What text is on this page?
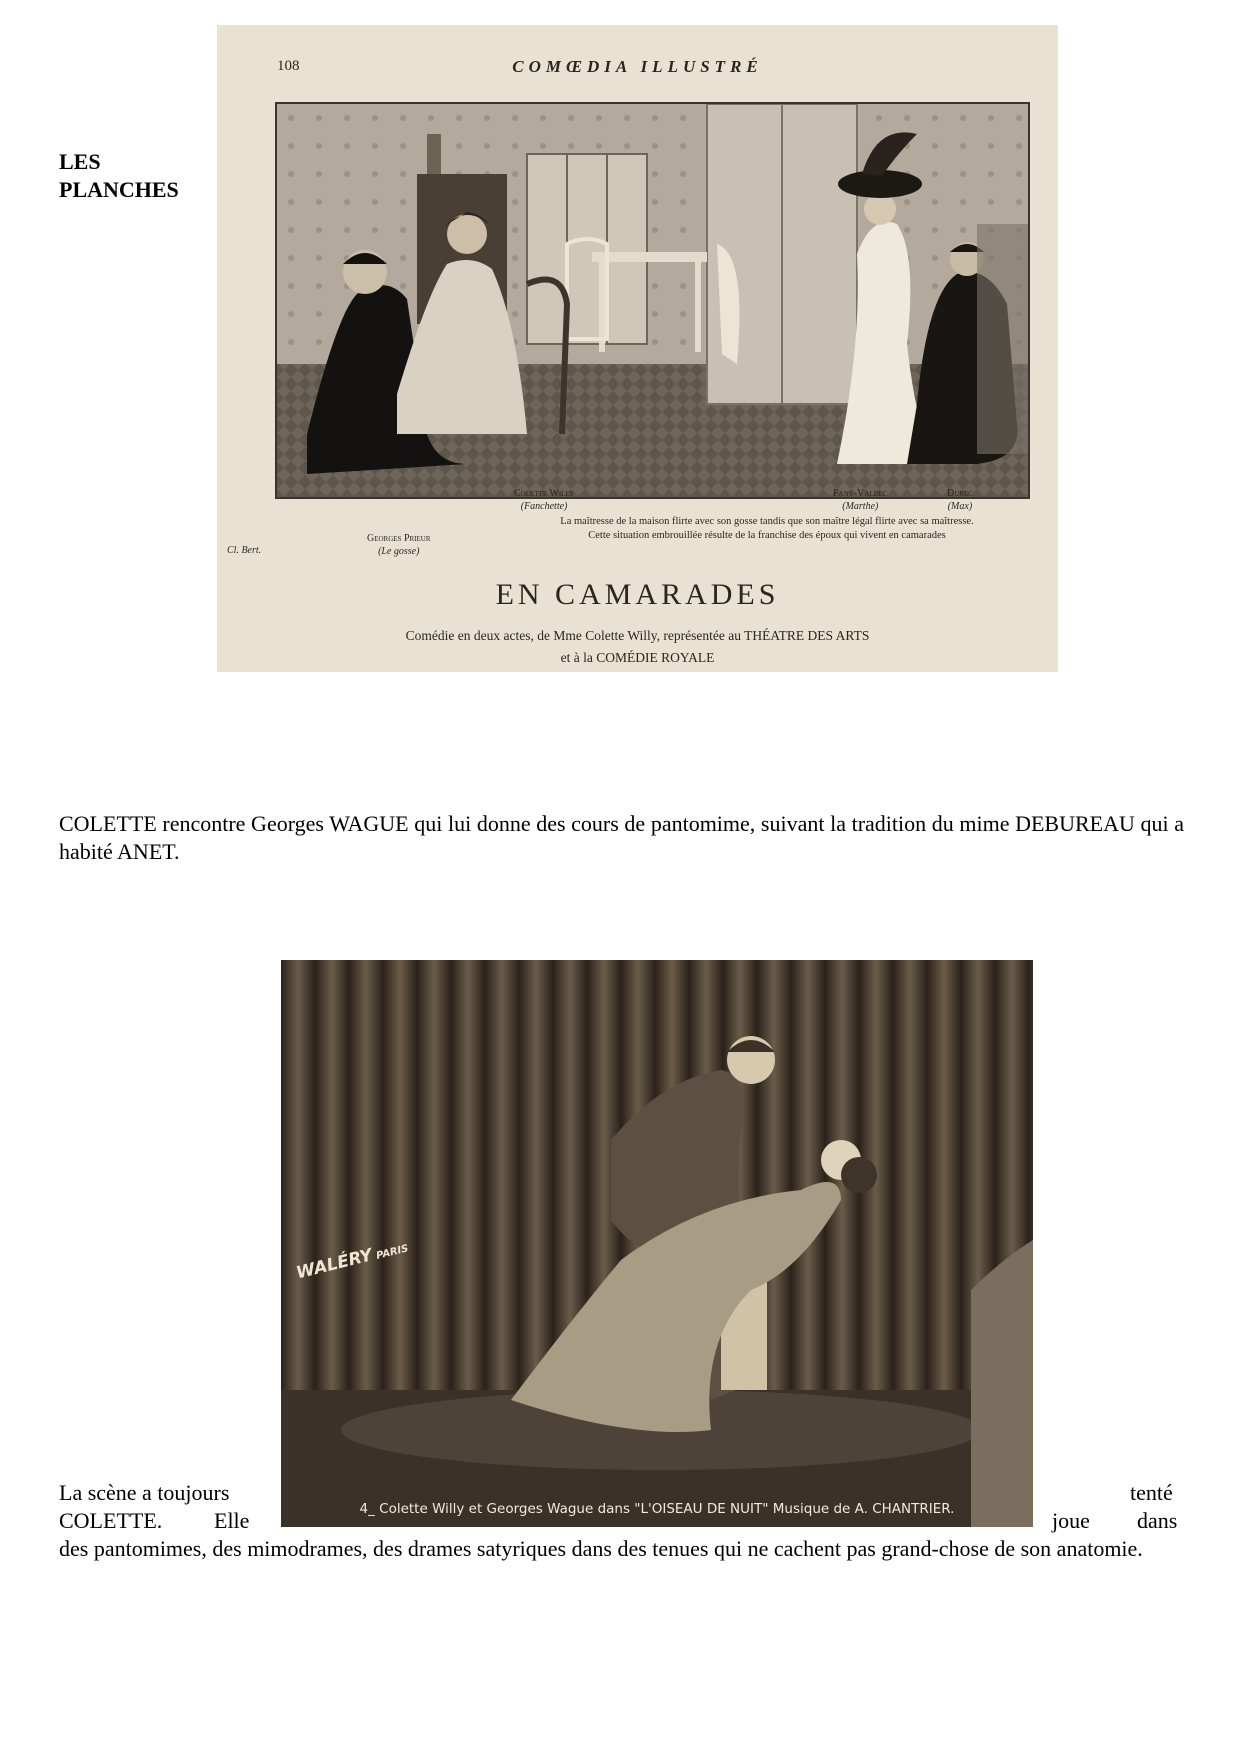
LES
PLANCHES
108	COMŒDIA ILLUSTRÉ
Cl. Bert.
Georges Prieur
(Le gosse)
Colette Willy
(Fanchette)
Fany-Valdec
(Marthe)
Durec
(Max)
La maîtresse de la maison flirte avec son gosse tandis que son maître légal flirte avec sa maîtresse.
Cette situation embrouillée résulte de la franchise des époux qui vivent en camarades
EN CAMARADES
Comédie en deux actes, de Mme Colette Willy, représentée au THÉATRE DES ARTS
et à la COMÉDIE ROYALE

COLETTE rencontre Georges WAGUE qui lui donne des cours de pantomime, suivant la tradition du mime DEBUREAU qui a habité ANET.

WALÉRYPARIS
4_ Colette Willy et Georges Wague dans "L'OISEAU DE NUIT" Musique de A. CHANTRIER.

La scène a toujours	tenté

COLETTE. Elle	joue dans

des pantomimes, des mimodrames, des drames satyriques dans des tenues qui ne cachent pas grand-chose de son anatomie.
